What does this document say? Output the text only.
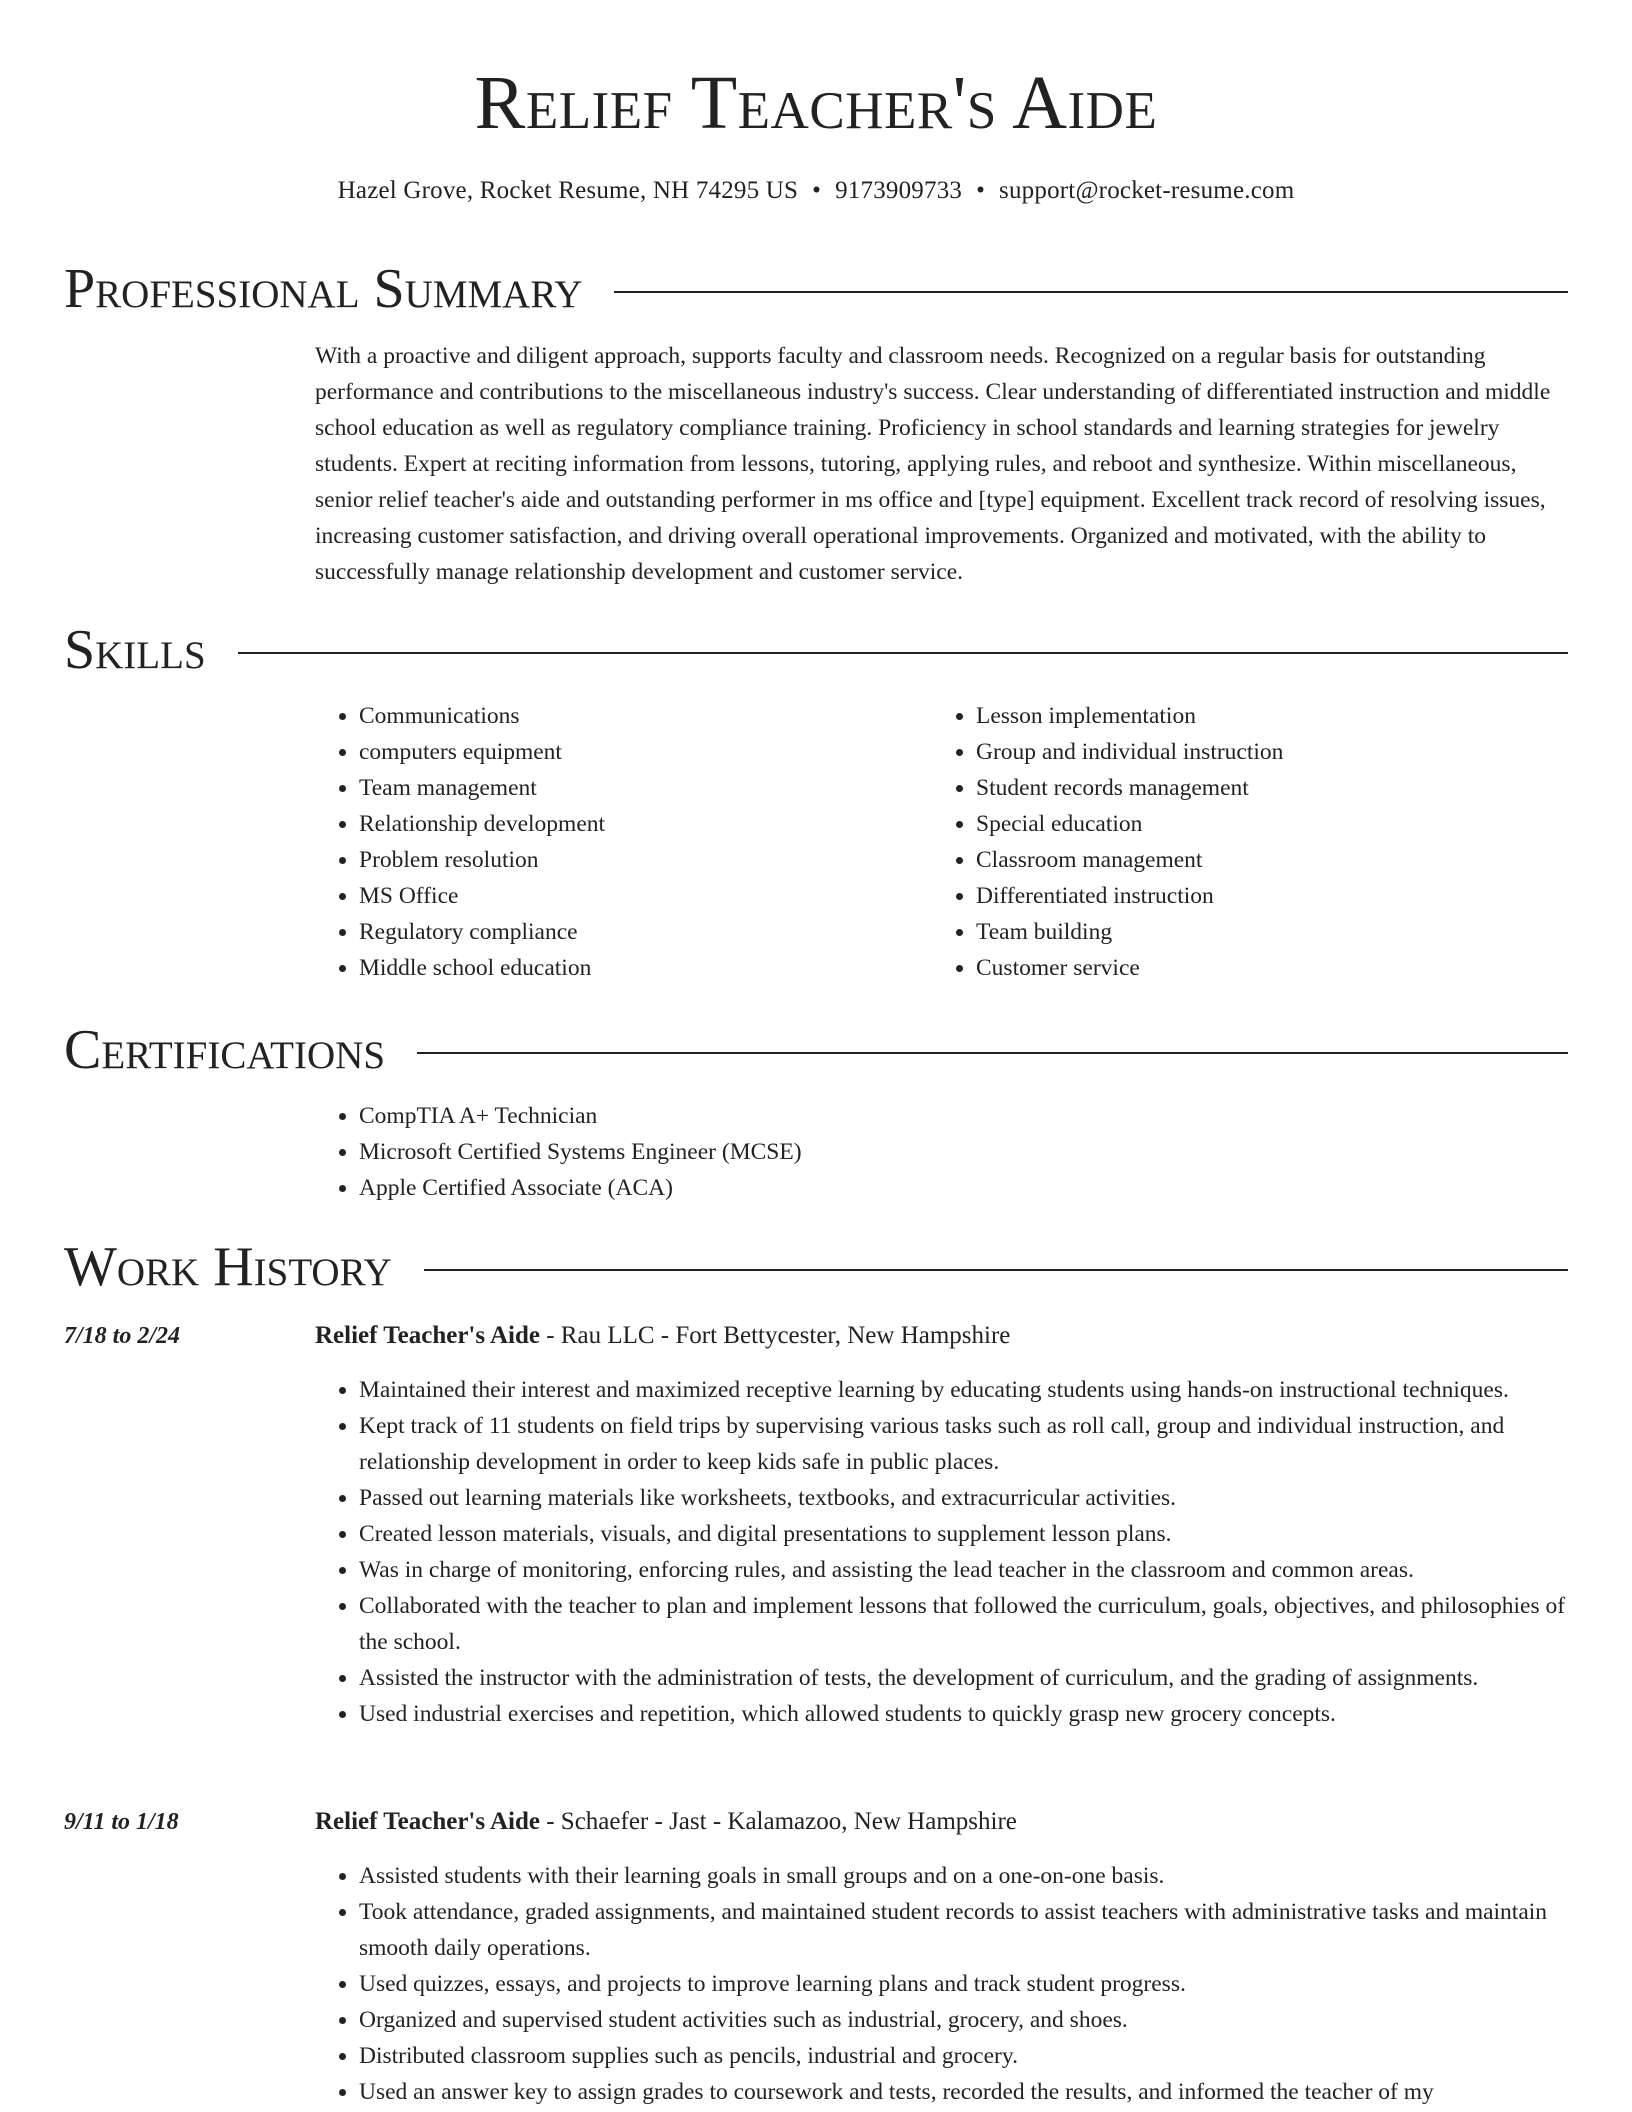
Relief Teacher's Aide
Hazel Grove, Rocket Resume, NH 74295 US • 9173909733 • support@rocket-resume.com
Professional Summary

With a proactive and diligent approach, supports faculty and classroom needs. Recognized on a regular basis for outstanding performance and contributions to the miscellaneous industry's success. Clear understanding of differentiated instruction and middle school education as well as regulatory compliance training. Proficiency in school standards and learning strategies for jewelry students. Expert at reciting information from lessons, tutoring, applying rules, and reboot and synthesize. Within miscellaneous, senior relief teacher's aide and outstanding performer in ms office and [type] equipment. Excellent track record of resolving issues, increasing customer satisfaction, and driving overall operational improvements. Organized and motivated, with the ability to successfully manage relationship development and customer service.

Skills
• Communications
• computers equipment
• Team management
• Relationship development
• Problem resolution
• MS Office
• Regulatory compliance
• Middle school education
• Lesson implementation
• Group and individual instruction
• Student records management
• Special education
• Classroom management
• Differentiated instruction
• Team building
• Customer service
Certifications
• CompTIA A+ Technician
• Microsoft Certified Systems Engineer (MCSE)
• Apple Certified Associate (ACA)
Work History
7/18 to 2/24	Relief Teacher's Aide - Rau LLC - Fort Bettycester, New Hampshire
• Maintained their interest and maximized receptive learning by educating students using hands-on instructional techniques.
• Kept track of 11 students on field trips by supervising various tasks such as roll call, group and individual instruction, and relationship development in order to keep kids safe in public places.
• Passed out learning materials like worksheets, textbooks, and extracurricular activities.
• Created lesson materials, visuals, and digital presentations to supplement lesson plans.
• Was in charge of monitoring, enforcing rules, and assisting the lead teacher in the classroom and common areas.
• Collaborated with the teacher to plan and implement lessons that followed the curriculum, goals, objectives, and philosophies of the school.
• Assisted the instructor with the administration of tests, the development of curriculum, and the grading of assignments.
• Used industrial exercises and repetition, which allowed students to quickly grasp new grocery concepts.
9/11 to 1/18	Relief Teacher's Aide - Schaefer - Jast - Kalamazoo, New Hampshire
• Assisted students with their learning goals in small groups and on a one-on-one basis.
• Took attendance, graded assignments, and maintained student records to assist teachers with administrative tasks and maintain smooth daily operations.
• Used quizzes, essays, and projects to improve learning plans and track student progress.
• Organized and supervised student activities such as industrial, grocery, and shoes.
• Distributed classroom supplies such as pencils, industrial and grocery.
• Used an answer key to assign grades to coursework and tests, recorded the results, and informed the teacher of my
